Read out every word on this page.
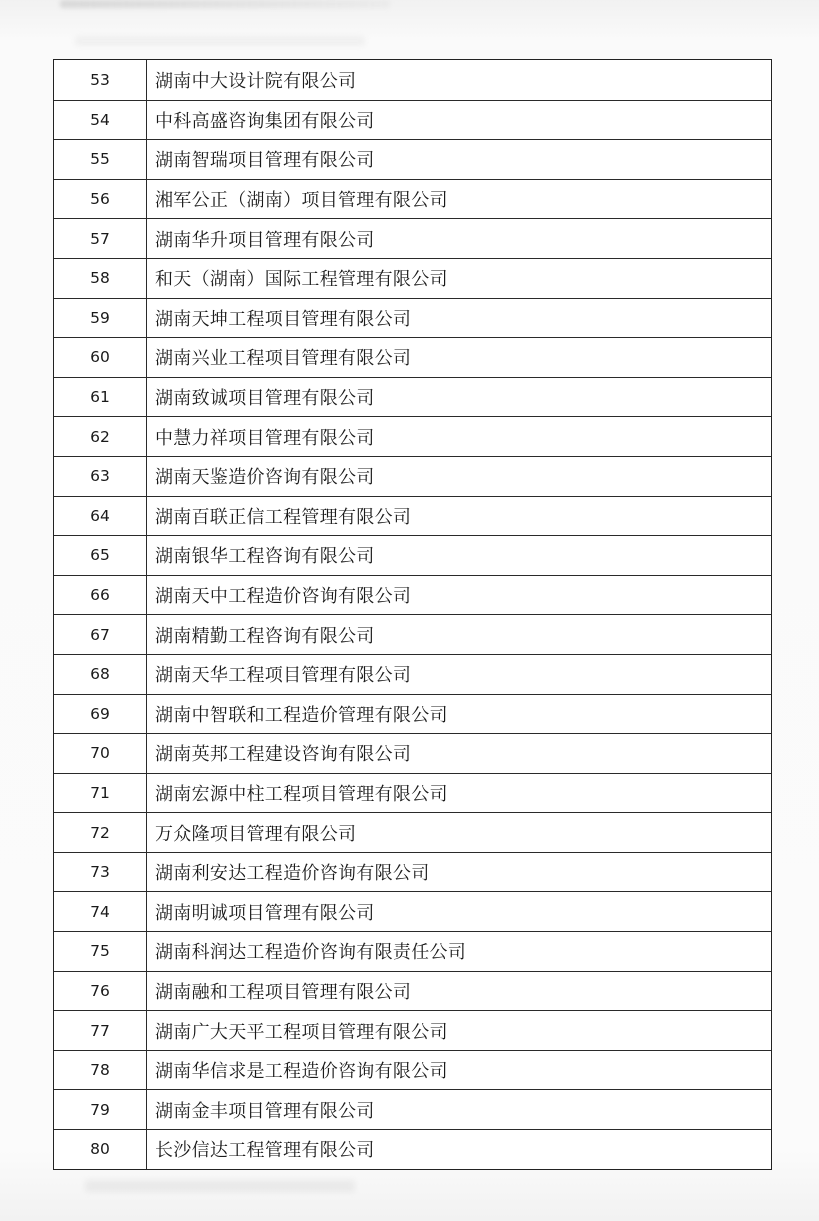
53	湖南中大设计院有限公司
54	中科高盛咨询集团有限公司
55	湖南智瑞项目管理有限公司
56	湘军公正（湖南）项目管理有限公司
57	湖南华升项目管理有限公司
58	和天（湖南）国际工程管理有限公司
59	湖南天坤工程项目管理有限公司
60	湖南兴业工程项目管理有限公司
61	湖南致诚项目管理有限公司
62	中慧力祥项目管理有限公司
63	湖南天鉴造价咨询有限公司
64	湖南百联正信工程管理有限公司
65	湖南银华工程咨询有限公司
66	湖南天中工程造价咨询有限公司
67	湖南精勤工程咨询有限公司
68	湖南天华工程项目管理有限公司
69	湖南中智联和工程造价管理有限公司
70	湖南英邦工程建设咨询有限公司
71	湖南宏源中柱工程项目管理有限公司
72	万众隆项目管理有限公司
73	湖南利安达工程造价咨询有限公司
74	湖南明诚项目管理有限公司
75	湖南科润达工程造价咨询有限责任公司
76	湖南融和工程项目管理有限公司
77	湖南广大天平工程项目管理有限公司
78	湖南华信求是工程造价咨询有限公司
79	湖南金丰项目管理有限公司
80	长沙信达工程管理有限公司
